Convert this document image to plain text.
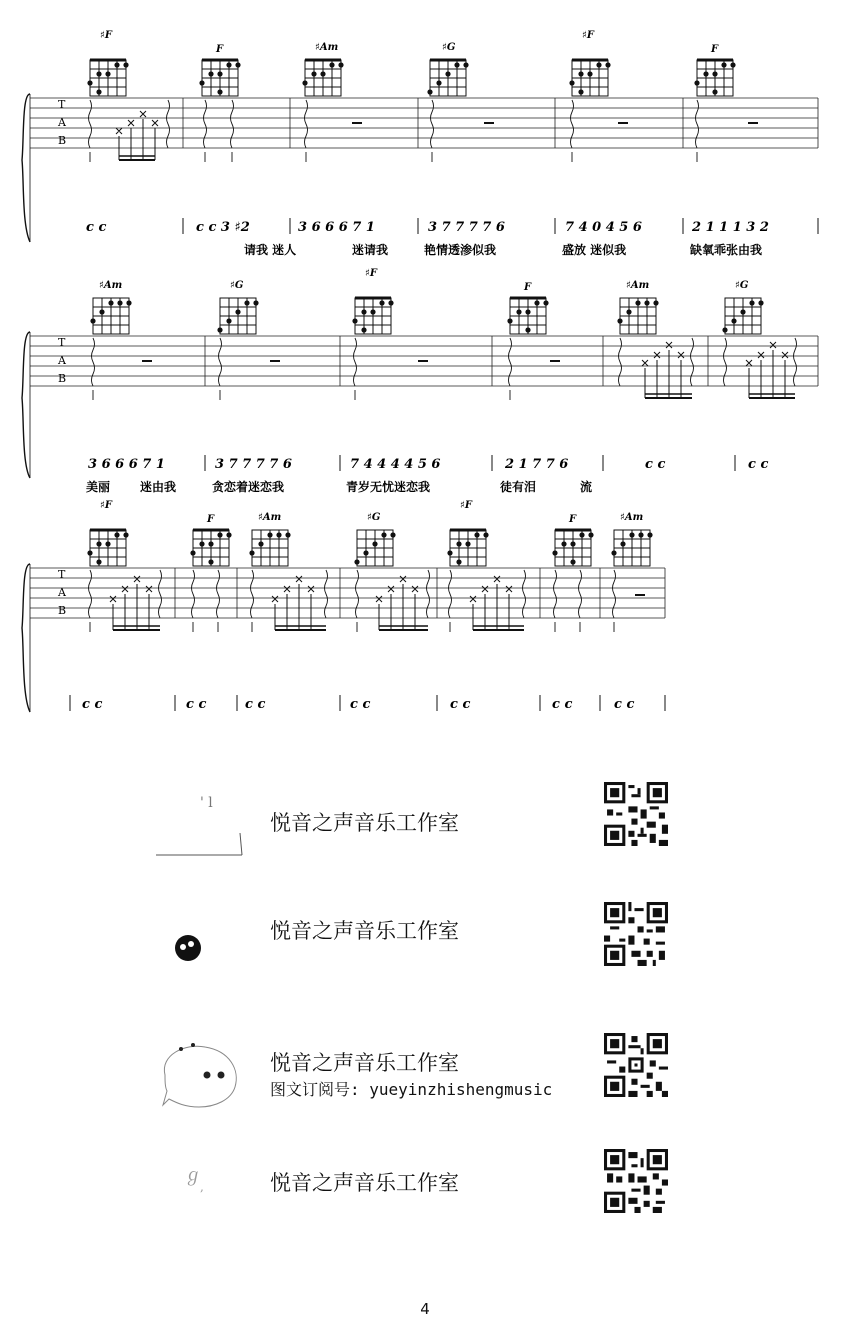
♯F
F	♯Am	♯G
♯F
F
T
A
B
c c	c c 3 ♯2	3 6 6 6 7 1	3 7 7 7 7 6	7 4 0 4 5 6	2 1 1 1 3 2
请我 迷人	迷请我	艳情透渗似我	盛放 迷似我	缺氧乖张由我
♯Am	♯G
♯F
F	♯Am	♯G
T
A
B
3 6 6 6 7 1	3 7 7 7 7 6	7 4 4 4 4 5 6	2 1 7 7 6	c c	c c
美丽 迷由我	贪恋着迷恋我	青岁无忧迷恋我	徒有泪	流
♯F
F	♯Am	♯G
♯F
F	♯Am
T
A
B
c c	c c	c c	c c	c c	c c	c c
' l
悦音之声音乐工作室
悦音之声音乐工作室
悦音之声音乐工作室
图文订阅号: yueyinzhishengmusic
ℊ
,	悦音之声音乐工作室
4
